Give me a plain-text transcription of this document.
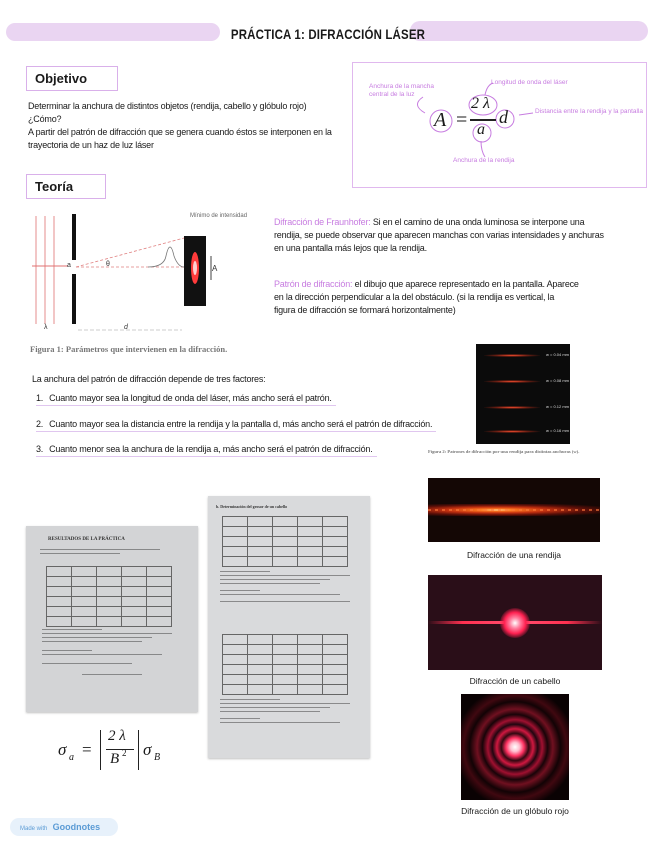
PRÁCTICA 1: DIFRACCIÓN LÁSER
Objetivo
Determinar la anchura de distintos objetos (rendija, cabello y glóbulo rojo)
¿Cómo?
A partir del patrón de difracción que se genera cuando éstos se interponen en la
trayectoria de un haz de luz láser
Anchura de la mancha central de la luz
Longitud de onda del láser
Distancia entre la rendija y la pantalla
Anchura de la rendija
A =
2 λ
a
d
Teoría
Mínimo de intensidad
a	θ	A
d
λ
Figura 1: Parámetros que intervienen en la difracción.
Difracción de Fraunhofer: Si en el camino de una onda luminosa se interpone una
rendija, se puede observar que aparecen manchas con varias intensidades y anchuras
en una pantalla más lejos que la rendija.
Patrón de difracción: el dibujo que aparece representado en la pantalla. Aparece
en la dirección perpendicular a la del obstáculo. (si la rendija es vertical, la
figura de difracción se formará horizontalmente)
w = 0.04 mm
w = 0.08 mm
w = 0.12 mm
w = 0.16 mm
Figura 2: Patrones de difracción por una rendija para distintas anchuras (w).
La anchura del patrón de difracción depende de tres factores:
1. Cuanto mayor sea la longitud de onda del láser, más ancho será el patrón.
2. Cuanto mayor sea la distancia entre la rendija y la pantalla d, más ancho será el patrón de difracción.
3. Cuanto menor sea la anchura de la rendija a, más ancho será el patrón de difracción.
RESULTADOS DE LA PRÁCTICA

b. Determinación del grosor de un cabello

σ a =
2 λ
B 2 σ B
Difracción de una rendija
Difracción de un cabello
Difracción de un glóbulo rojo
Made with Goodnotes
